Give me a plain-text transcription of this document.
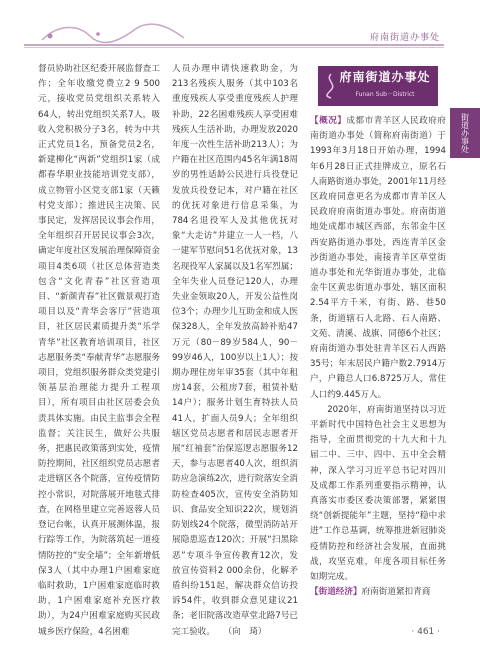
府南街道办事处
街道办事处

督员协助社区纪委开展监督查工作；全年收缴党费立2 9 500元，接收党员党组织关系转入64人，转出党组织关系7人，吸收入党积极分子3名，转为中共正式党员1名，预备党员2名，新建柳化“两新”党组织1家（成都春华职业技能培训党支部），成立物管小区党支部1家（天籁村党支部）；推进民主决策、民事民定，发挥居民议事会作用，全年组织召开居民议事会3次，确定年度社区发展治理保障资金项目4类6项（社区总体营造类包含“文化青春”社区营造项目、“新颜青春”社区微景观打造项目以及“青华会客厅”营造项目，社区居民素质提升类“乐学青华”社区教育培训项目，社区志愿服务类“奉献青华”志愿服务项目，党组织服务群众类党建引领基层治理能力提升工程项目），所有项目由社区居委会负责具体实施。由民主监事会全程监督；关注民生，做好公共服务，把惠民政策落到实处，疫情防控期间，社区组织党员志愿者走进辖区各个院落，宣传疫情防控小常识，对院落展开地毯式排查，在网格里建立完善返蓉人员登记台帐，认真开展测体温，报行踪等工作，为院落筑起一道疫情防控的“安全墙”；全年新增低保3人（其中办理1户困难家庭临时救助，1户困难家庭临时救助，1户困难家庭补充医疗救助），为24户困难家庭购买民政城乡医疗保险，4名困难

人员办理申请快速救助金，为213名残疾人服务（其中103名重度残疾人享受重度残疾人护理补助，22名困难残疾人享受困难残疾人生活补助，办理发放2020年度一次性生活补助213人）；为户籍在社区范围内45名年满18周岁的男性适龄公民进行兵役登记发放兵役登记本，对户籍在社区的优抚对象进行信息采集，为784名退役军人及其他优抚对象“大走访”并建立一人一档，八一建军节慰问51名优抚对象，13名现役军人家属以及1名军烈属；全年失业人员登记120人，办理失业金领取20人，开发公益性岗位3个；办理少儿互助金和成人医保328人，全年发放高龄补贴47万元（80－89岁584人，90－99岁46人，100岁以上1人）；按期办理住房年审35套（其中年租房14套，公租房7套，租赁补贴14户）；服务计划生育特扶人员41人，扩面人员9人；全年组织辖区党员志愿者和居民志愿者开展“红袖套”治保巡逻志愿服务12天，参与志愿者40人次，组织消防应急演练2次，进行院落安全消防检查405次，宣传安全消防知识、食品安全知识22次，规划消防划线24个院落，微型消防站开展隐患巡查120次；开展“扫黑除恶”专项斗争宣传教育12次，发放宣传资料2 000余份，化解矛盾纠纷151起，解决群众信访投诉54件，收到群众意见建议21条；老旧院落改造草堂北路7号已完工验收。　　（向　琦）

府南街道办事处
Funan Sub－District

【概况】成都市青羊区人民政府府南街道办事处（简称府南街道）于1993年3月18日开始办理，1994年6月28日正式挂牌成立，原名石人南路街道办事处，2001年11月经区政府同意更名为成都市青羊区人民政府府南街道办事处。府南街道地处成都市城区西部，东邻金牛区西安路街道办事处，西连青羊区金沙街道办事处，南接青羊区草堂街道办事处和光华街道办事处，北临金牛区黄忠街道办事处，辖区面积2.54平方千米，有街、路、巷50条，街道辖石人北路、石人南路、文苑、清溪、战旗、同德6个社区；府南街道办事处驻青羊区石人西路35号；年末居民户籍户数2.7914万户，户籍总人口6.8725万人，常住人口约9.445万人。

2020年，府南街道坚持以习近平新时代中国特色社会主义思想为指导，全面贯彻党的十九大和十九届二中、三中、四中、五中全会精神，深入学习习近平总书记对四川及成都工作系列重要指示精神，认真落实市委区委决策部署，紧紧围绕“创新提能年”主题，坚持“稳中求进”工作总基调，统筹推进新冠肺炎疫情防控和经济社会发展，直面挑战，攻坚克难，年度各项目标任务如期完成。

【街道经济】府南街道紧扣青商

· 461 ·
